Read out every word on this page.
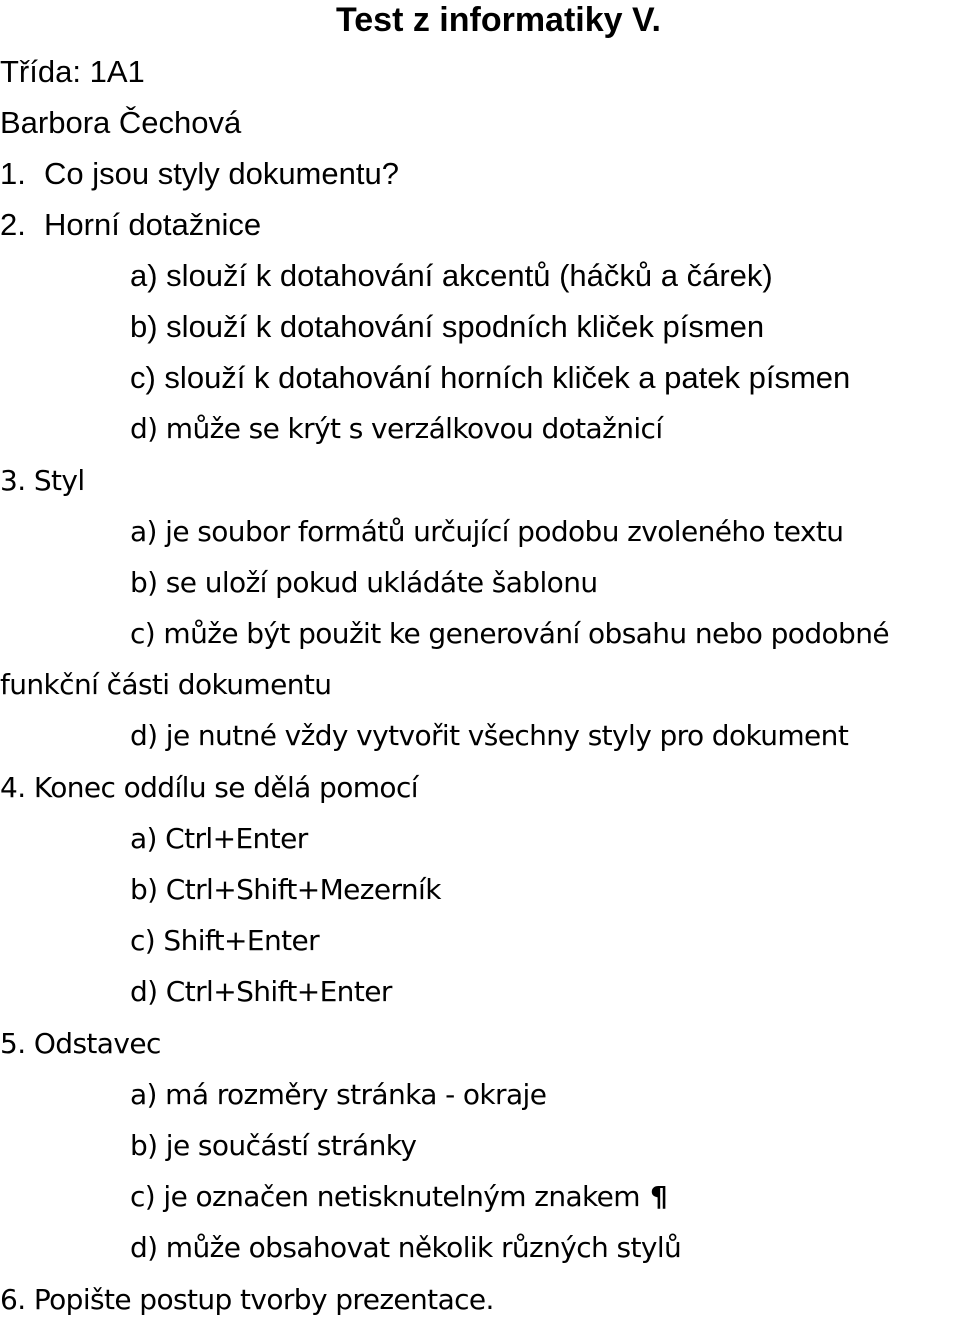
Test z informatiky V.
Třída: 1A1
Barbora Čechová
1. Co jsou styly dokumentu?
2. Horní dotažnice
a) slouží k dotahování akcentů (háčků a čárek)
b) slouží k dotahování spodních kliček písmen
c) slouží k dotahování horních kliček a patek písmen
d) může se krýt s verzálkovou dotažnicí
3. Styl
a) je soubor formátů určující podobu zvoleného textu
b) se uloží pokud ukládáte šablonu
c) může být použit ke generování obsahu nebo podobné
funkční části dokumentu
d) je nutné vždy vytvořit všechny styly pro dokument
4. Konec oddílu se dělá pomocí
a) Ctrl+Enter
b) Ctrl+Shift+Mezerník
c) Shift+Enter
d) Ctrl+Shift+Enter
5. Odstavec
a) má rozměry stránka - okraje
b) je součástí stránky
c) je označen netisknutelným znakem ¶
d) může obsahovat několik různých stylů
6. Popište postup tvorby prezentace.
